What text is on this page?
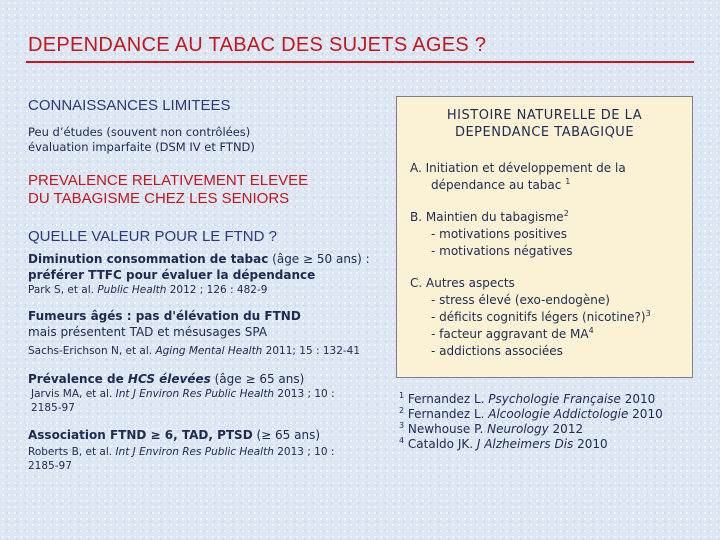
DEPENDANCE AU TABAC DES SUJETS AGES ?

CONNAISSANCES LIMITEES

Peu d’études (souvent non contrôlées)

évaluation imparfaite (DSM IV et FTND)

PREVALENCE RELATIVEMENT ELEVEE

DU TABAGISME CHEZ LES SENIORS

QUELLE VALEUR POUR LE FTND ?

Diminution consommation de tabac (âge ≥ 50 ans) :

préférer TTFC pour évaluer la dépendance

Park S, et al. Public Health 2012 ; 126 : 482-9

Fumeurs âgés : pas d'élévation du FTND

mais présentent TAD et mésusages SPA

Sachs-Erichson N, et al. Aging Mental Health 2011; 15 : 132-41

Prévalence de HCS élevées (âge ≥ 65 ans)

Jarvis MA, et al. Int J Environ Res Public Health 2013 ; 10 :

2185-97

Association FTND ≥ 6, TAD, PTSD (≥ 65 ans)

Roberts B, et al. Int J Environ Res Public Health 2013 ; 10 :

2185-97

HISTOIRE NATURELLE DE LA
DEPENDANCE TABAGIQUE

A. Initiation et développement de la

dépendance au tabac $^1$

B. Maintien du tabagisme$^2$

- motivations positives

- motivations négatives

C. Autres aspects

- stress élevé (exo-endogène)

- déficits cognitifs légers (nicotine?)$^3$

- facteur aggravant de $MA^4$

- addictions associées

$^1$ Fernandez L. Psychologie Française 2010

$^2$ Fernandez L. Alcoologie Addictologie 2010

$^3$ Newhouse P. Neurology 2012

$^4$ Cataldo JK. J Alzheimers Dis 2010
